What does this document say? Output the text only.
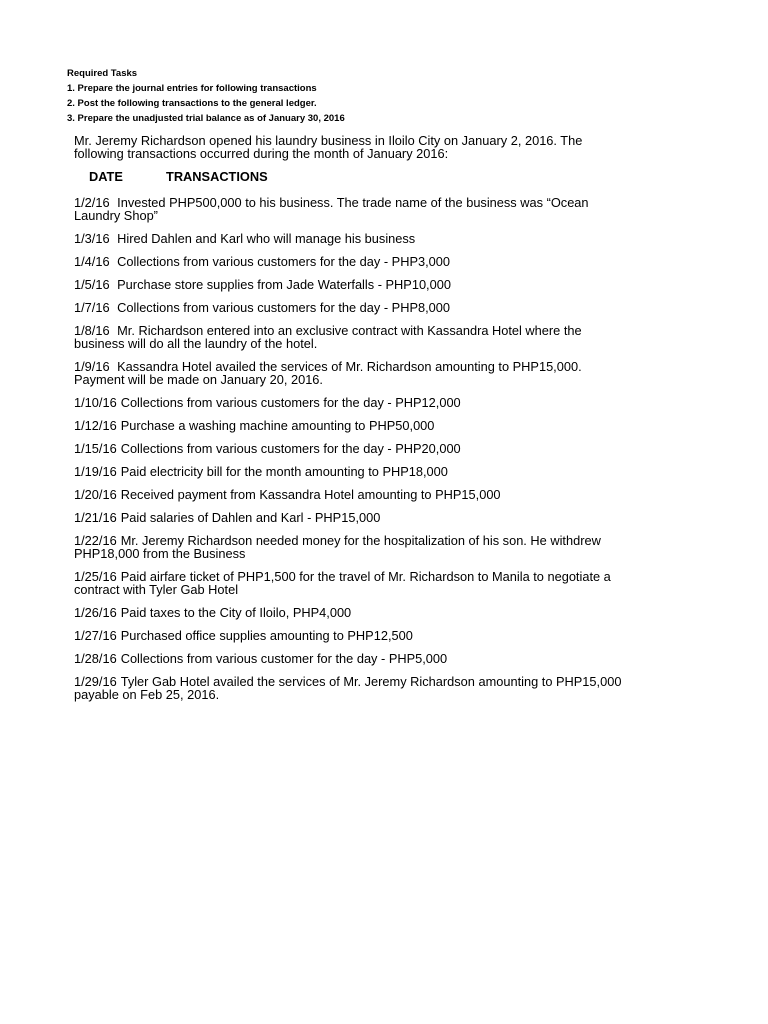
Required Tasks
1. Prepare the journal entries for following transactions
2. Post the following transactions to the general ledger.
3. Prepare the unadjusted trial balance as of January 30, 2016

Mr. Jeremy Richardson opened his laundry business in Iloilo City on January 2, 2016. The following transactions occurred during the month of January 2016:

DATE	TRANSACTIONS

1/2/16 Invested PHP500,000 to his business. The trade name of the business was “Ocean Laundry Shop”

1/3/16 Hired Dahlen and Karl who will manage his business

1/4/16 Collections from various customers for the day - PHP3,000

1/5/16 Purchase store supplies from Jade Waterfalls - PHP10,000

1/7/16 Collections from various customers for the day - PHP8,000

1/8/16 Mr. Richardson entered into an exclusive contract with Kassandra Hotel where the business will do all the laundry of the hotel.

1/9/16 Kassandra Hotel availed the services of Mr. Richardson amounting to PHP15,000. Payment will be made on January 20, 2016.

1/10/16 Collections from various customers for the day - PHP12,000

1/12/16 Purchase a washing machine amounting to PHP50,000

1/15/16 Collections from various customers for the day - PHP20,000

1/19/16 Paid electricity bill for the month amounting to PHP18,000

1/20/16 Received payment from Kassandra Hotel amounting to PHP15,000

1/21/16 Paid salaries of Dahlen and Karl - PHP15,000

1/22/16 Mr. Jeremy Richardson needed money for the hospitalization of his son. He withdrew PHP18,000 from the Business

1/25/16 Paid airfare ticket of PHP1,500 for the travel of Mr. Richardson to Manila to negotiate a contract with Tyler Gab Hotel

1/26/16 Paid taxes to the City of Iloilo, PHP4,000

1/27/16 Purchased office supplies amounting to PHP12,500

1/28/16 Collections from various customer for the day - PHP5,000

1/29/16 Tyler Gab Hotel availed the services of Mr. Jeremy Richardson amounting to PHP15,000 payable on Feb 25, 2016.
